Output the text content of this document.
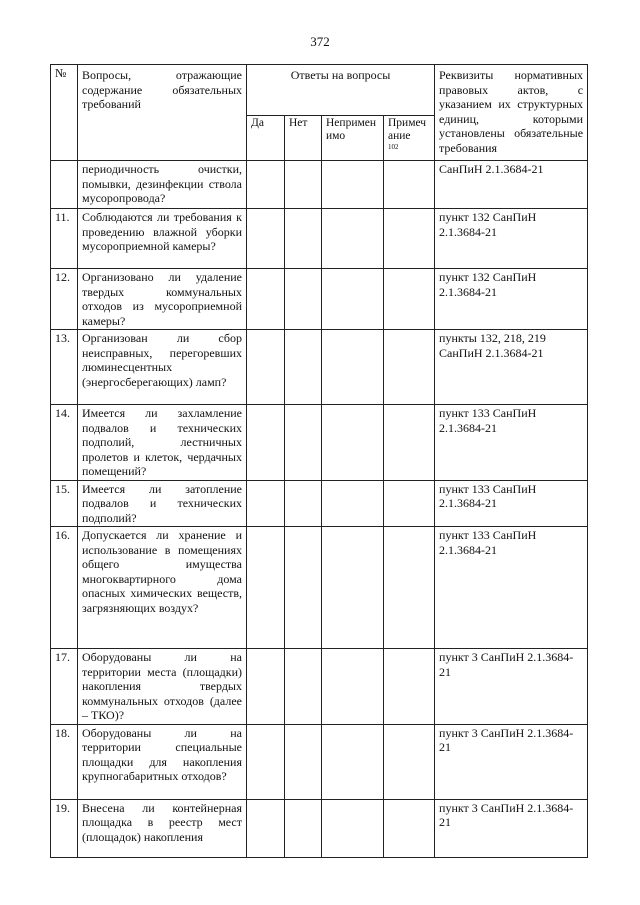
372
№	Вопросы, отражающие содержание обязательных требований	Ответы на вопросы				Реквизиты нормативных правовых актов, с указанием их структурных единиц, которыми установлены обязательные требования
		Да	Нет	Неприменимо	Примечание
102	

	периодичность очистки, помывки, дезинфекции ствола мусоропровода?					СанПиН 2.1.3684-21
11.	Соблюдаются ли требования к проведению влажной уборки мусороприемной камеры?					пункт 132 СанПиН 2.1.3684-21
12.	Организовано ли удаление твердых коммунальных отходов из мусороприемной камеры?					пункт 132 СанПиН 2.1.3684-21
13.	Организован ли сбор неисправных, перегоревших люминесцентных (энергосберегающих) ламп?					пункты 132, 218, 219 СанПиН 2.1.3684-21
14.	Имеется ли захламление подвалов и технических подполий, лестничных пролетов и клеток, чердачных помещений?					пункт 133 СанПиН 2.1.3684-21
15.	Имеется ли затопление подвалов и технических подполий?					пункт 133 СанПиН 2.1.3684-21
16.	Допускается ли хранение и использование в помещениях общего имущества многоквартирного дома опасных химических веществ, загрязняющих воздух?					пункт 133 СанПиН 2.1.3684-21
17.	Оборудованы ли на территории места (площадки) накопления твердых коммунальных отходов (далее – ТКО)?					пункт 3 СанПиН 2.1.3684-21
18.	Оборудованы ли на территории специальные площадки для накопления крупногабаритных отходов?					пункт 3 СанПиН 2.1.3684-21
19.	Внесена ли контейнерная площадка в реестр мест (площадок) накопления					пункт 3 СанПиН 2.1.3684-21
